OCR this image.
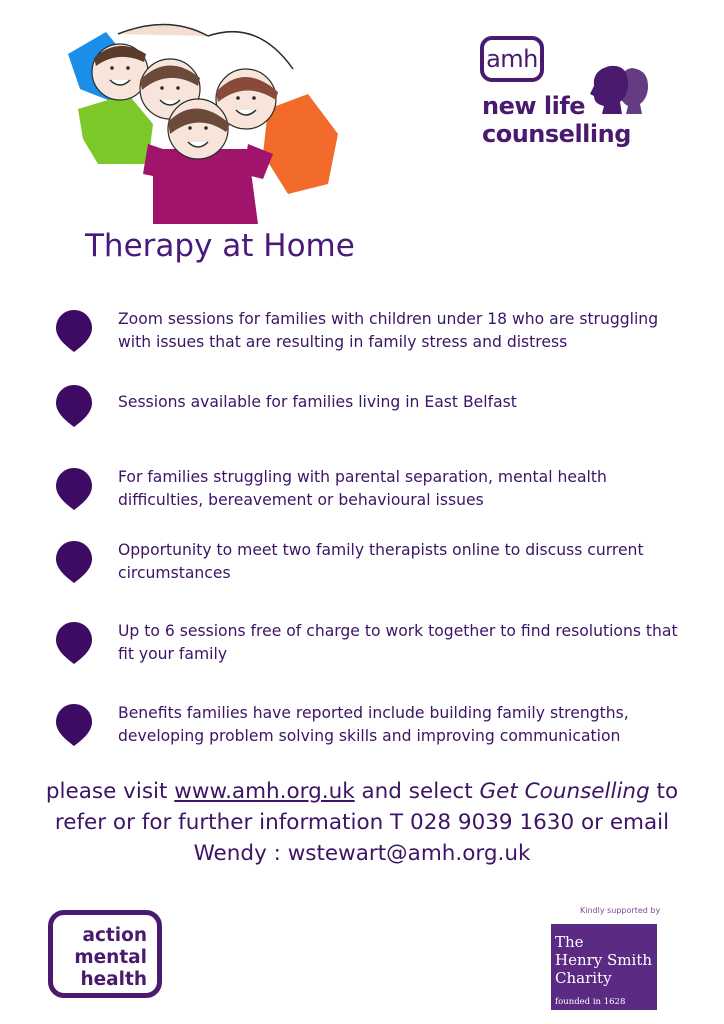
amh
new life
counselling
Therapy at Home
Zoom sessions for families with children under 18 who are struggling with issues that are resulting in family stress and distress
Sessions available for families living in East Belfast
For families struggling with parental separation, mental health difficulties, bereavement or behavioural issues
Opportunity to meet two family therapists online to discuss current circumstances
Up to 6 sessions free of charge to work together to find resolutions that fit your family
Benefits families have reported include building family strengths, developing problem solving skills and improving communication
please visit www.amh.org.uk and select Get Counselling to refer or for further information T 028 9039 1630 or email Wendy : wstewart@amh.org.uk
action
mental
health
Kindly supported by
The
Henry Smith
Charity
founded in 1628
